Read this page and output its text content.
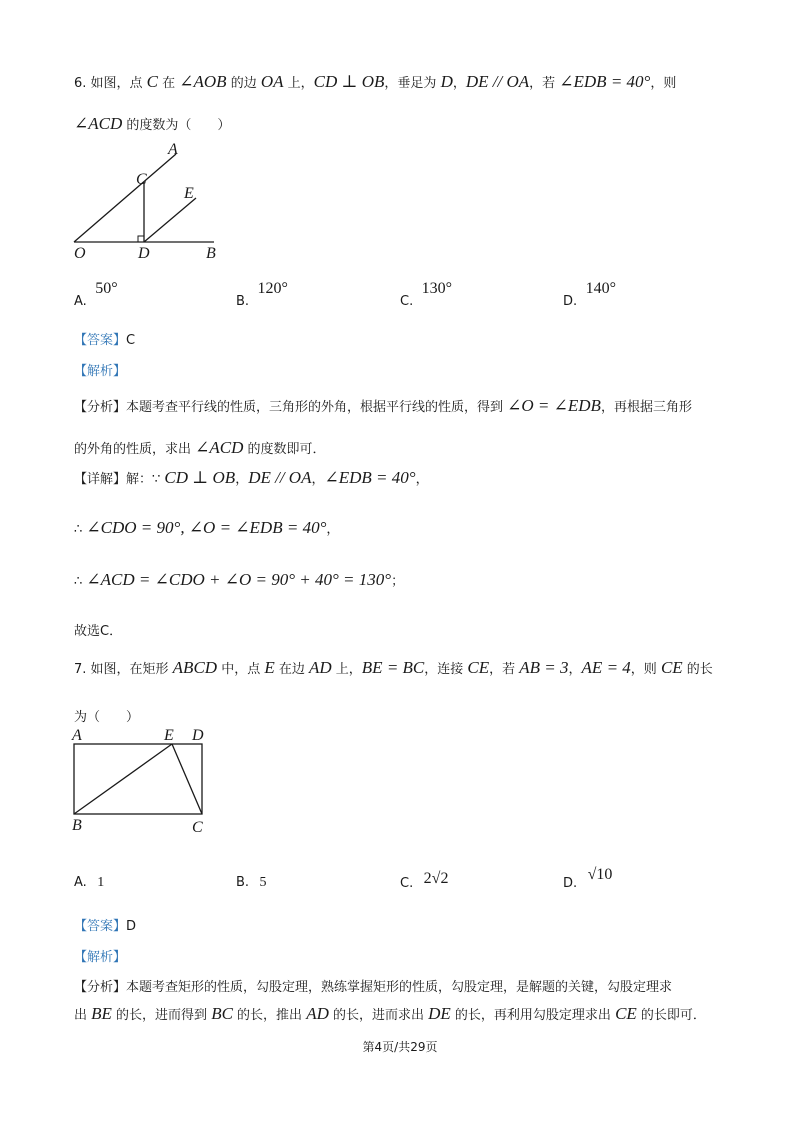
6. 如图，点 C 在 ∠AOB 的边 OA 上，CD ⊥ OB，垂足为 D，DE // OA，若 ∠EDB = 40°，则
∠ACD 的度数为（　　）
A
C
E
O	D	B
A. 50°
B. 120°
C. 130°
D. 140°
【答案】C
【解析】
【分析】本题考查平行线的性质，三角形的外角，根据平行线的性质，得到 ∠O = ∠EDB，再根据三角形
的外角的性质，求出 ∠ACD 的度数即可．
【详解】解：∵ CD ⊥ OB，DE // OA，∠EDB = 40°，
∴ ∠CDO = 90°, ∠O = ∠EDB = 40°，
∴ ∠ACD = ∠CDO + ∠O = 90° + 40° = 130°；
故选C．
7. 如图，在矩形 ABCD 中，点 E 在边 AD 上，BE = BC，连接 CE，若 AB = 3，AE = 4，则 CE 的长
为（　　）
A	E D
B	C
A. 1	B. 5	C. 2√2	D. √10
【答案】D
【解析】
【分析】本题考查矩形的性质，勾股定理，熟练掌握矩形的性质，勾股定理，是解题的关键，勾股定理求
出 BE 的长，进而得到 BC 的长，推出 AD 的长，进而求出 DE 的长，再利用勾股定理求出 CE 的长即可．
第4页/共29页
